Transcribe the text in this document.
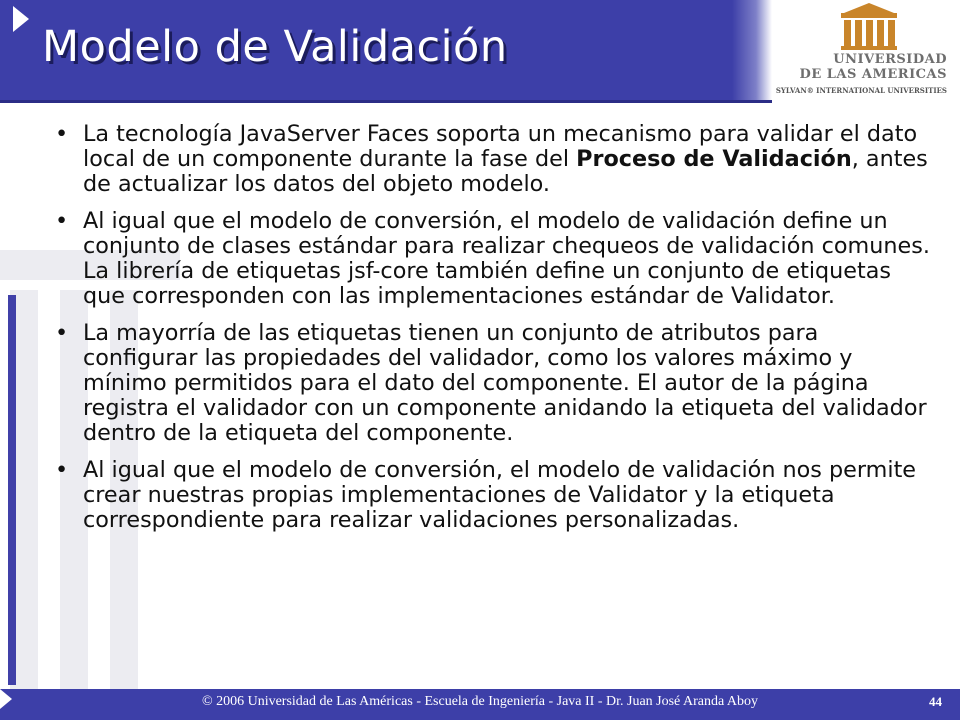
Modelo de Validación	UNIVERSIDAD
DE LAS AMERICAS
SYLVAN® INTERNATIONAL UNIVERSITIES
• La tecnología JavaServer Faces soporta un mecanismo para validar el dato local de un componente durante la fase del Proceso de Validación, antes de actualizar los datos del objeto modelo.
• Al igual que el modelo de conversión, el modelo de validación define un conjunto de clases estándar para realizar chequeos de validación comunes. La librería de etiquetas jsf-core también define un conjunto de etiquetas que corresponden con las implementaciones estándar de Validator.
• La mayorría de las etiquetas tienen un conjunto de atributos para configurar las propiedades del validador, como los valores máximo y mínimo permitidos para el dato del componente. El autor de la página registra el validador con un componente anidando la etiqueta del validador dentro de la etiqueta del componente.
• Al igual que el modelo de conversión, el modelo de validación nos permite crear nuestras propias implementaciones de Validator y la etiqueta correspondiente para realizar validaciones personalizadas.
© 2006 Universidad de Las Américas - Escuela de Ingeniería - Java II - Dr. Juan José Aranda Aboy	44
